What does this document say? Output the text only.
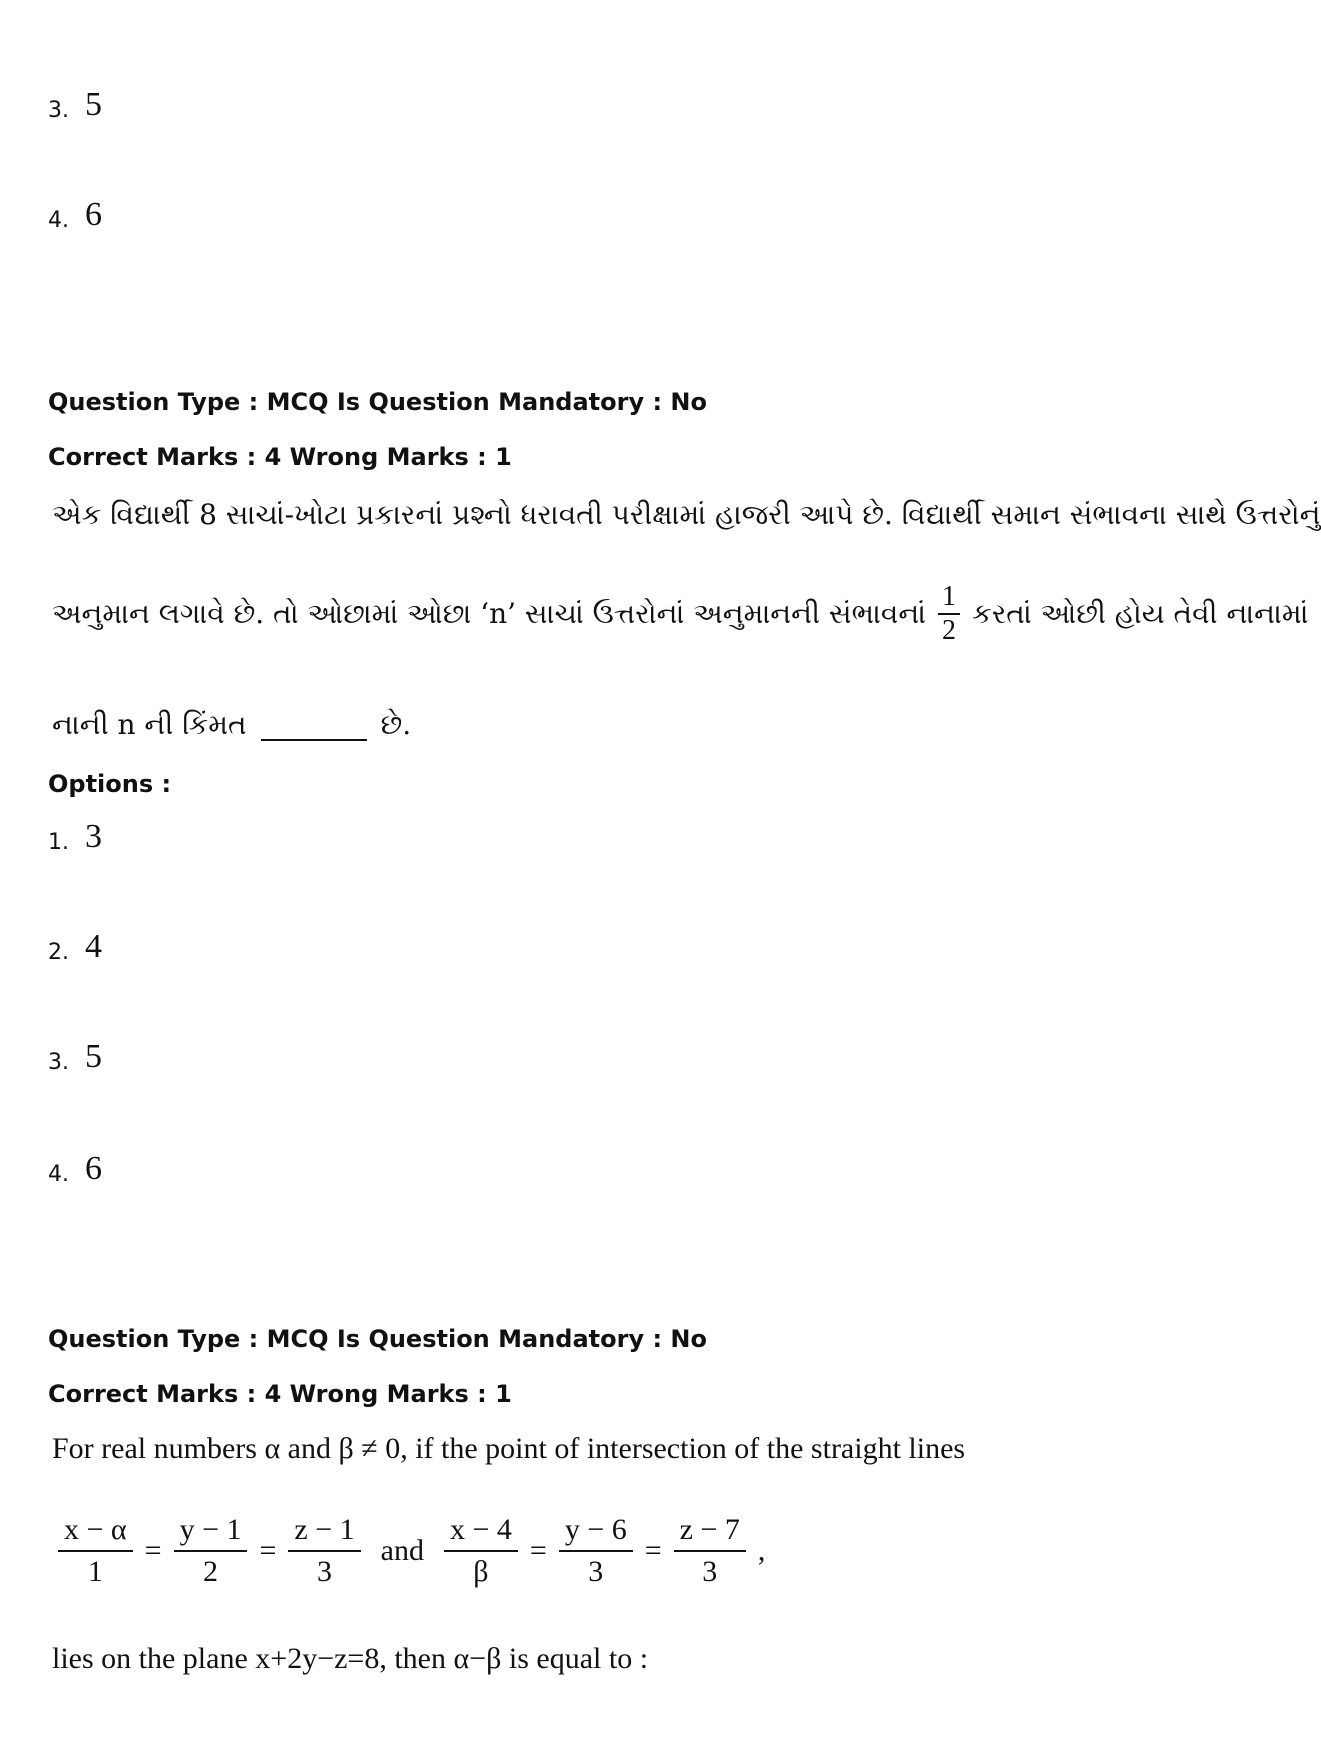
3. 5
4. 6
Question Type : MCQ Is Question Mandatory : No
Correct Marks : 4 Wrong Marks : 1
એક વિદ્યાર્થી 8 સાચાં-ખોટા પ્રકારનાં પ્રશ્નો ધરાવતી પરીક્ષામાં હાજરી આપે છે. વિદ્યાર્થી સમાન સંભાવના સાથે ઉત્તરોનું
અનુમાન લગાવે છે. તો ઓછામાં ઓછા ‘n’ સાચાં ઉત્તરોનાં અનુમાનની સંભાવનાં $\frac{1}{2}$ કરતાં ઓછી હોય તેવી નાનામાં
નાની n ની કિંમત	છે.
Options :
1. 3
2. 4
3. 5
4. 6
Question Type : MCQ Is Question Mandatory : No
Correct Marks : 4 Wrong Marks : 1
For real numbers α and β ≠ 0, if the point of intersection of the straight lines
$\frac{x - \alpha}{1} = \frac{y - 1}{2} = \frac{z - 1}{3}$ and $\frac{x - 4}{\beta} = \frac{y - 6}{3} = \frac{z - 7}{3}$ ,
lies on the plane x+2y−z=8, then α−β is equal to :
